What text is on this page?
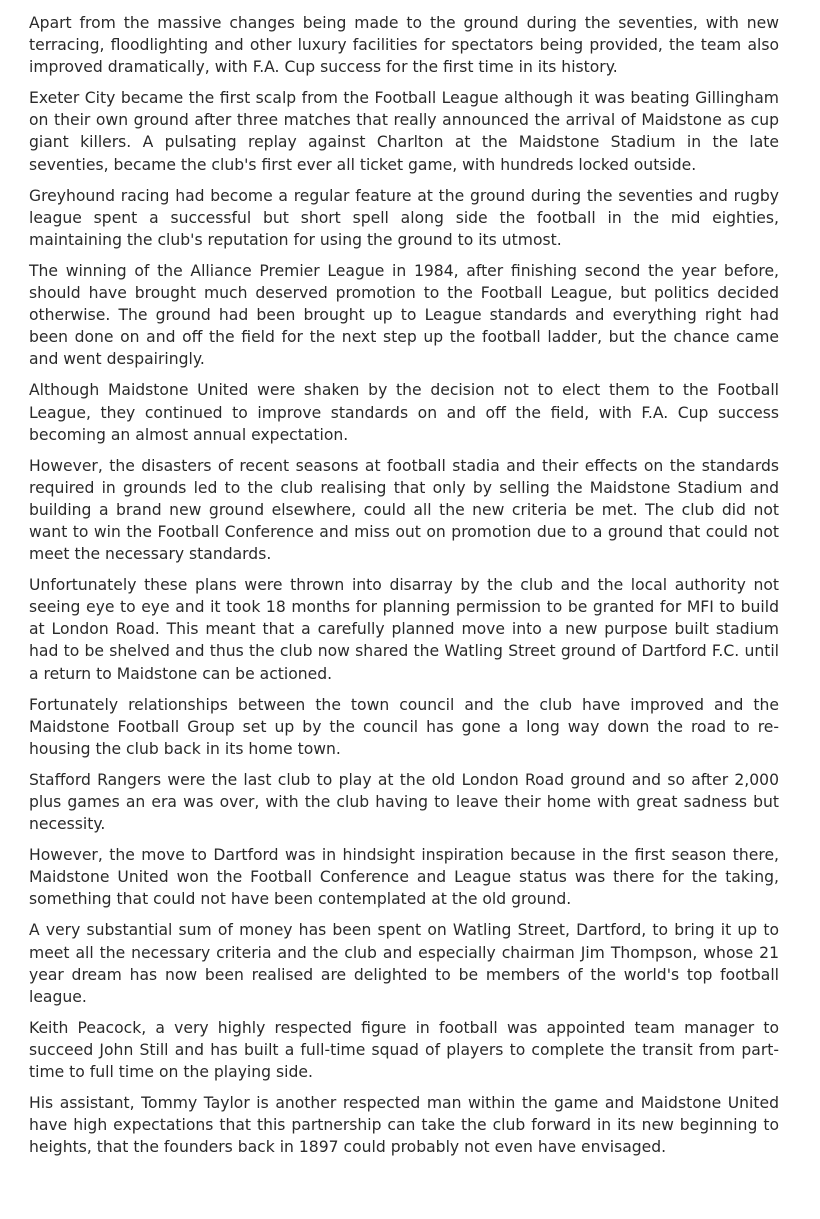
Apart from the massive changes being made to the ground during the seventies, with new terracing, floodlighting and other luxury facilities for spectators being provided, the team also improved dramatically, with F.A. Cup success for the first time in its history.

Exeter City became the first scalp from the Football League although it was beating Gillingham on their own ground after three matches that really announced the arrival of Maidstone as cup giant killers. A pulsating replay against Charlton at the Maidstone Stadium in the late seventies, became the club's first ever all ticket game, with hundreds locked outside.

Greyhound racing had become a regular feature at the ground during the seventies and rugby league spent a successful but short spell along side the football in the mid eighties, maintaining the club's reputation for using the ground to its utmost.

The winning of the Alliance Premier League in 1984, after finishing second the year before, should have brought much deserved promotion to the Football League, but politics decided otherwise. The ground had been brought up to League standards and everything right had been done on and off the field for the next step up the football ladder, but the chance came and went despairingly.

Although Maidstone United were shaken by the decision not to elect them to the Football League, they continued to improve standards on and off the field, with F.A. Cup success becoming an almost annual expectation.

However, the disasters of recent seasons at football stadia and their effects on the standards required in grounds led to the club realising that only by selling the Maidstone Stadium and building a brand new ground elsewhere, could all the new criteria be met. The club did not want to win the Football Conference and miss out on promotion due to a ground that could not meet the necessary standards.

Unfortunately these plans were thrown into disarray by the club and the local authority not seeing eye to eye and it took 18 months for planning permission to be granted for MFI to build at London Road. This meant that a carefully planned move into a new purpose built stadium had to be shelved and thus the club now shared the Watling Street ground of Dartford F.C. until a return to Maidstone can be actioned.

Fortunately relationships between the town council and the club have improved and the Maidstone Football Group set up by the council has gone a long way down the road to re-housing the club back in its home town.

Stafford Rangers were the last club to play at the old London Road ground and so after 2,000 plus games an era was over, with the club having to leave their home with great sadness but necessity.

However, the move to Dartford was in hindsight inspiration because in the first season there, Maidstone United won the Football Conference and League status was there for the taking, something that could not have been contemplated at the old ground.

A very substantial sum of money has been spent on Watling Street, Dartford, to bring it up to meet all the necessary criteria and the club and especially chairman Jim Thompson, whose 21 year dream has now been realised are delighted to be members of the world's top football league.

Keith Peacock, a very highly respected figure in football was appointed team manager to succeed John Still and has built a full-time squad of players to complete the transit from part-time to full time on the playing side.

His assistant, Tommy Taylor is another respected man within the game and Maidstone United have high expectations that this partnership can take the club forward in its new beginning to heights, that the founders back in 1897 could probably not even have envisaged.
